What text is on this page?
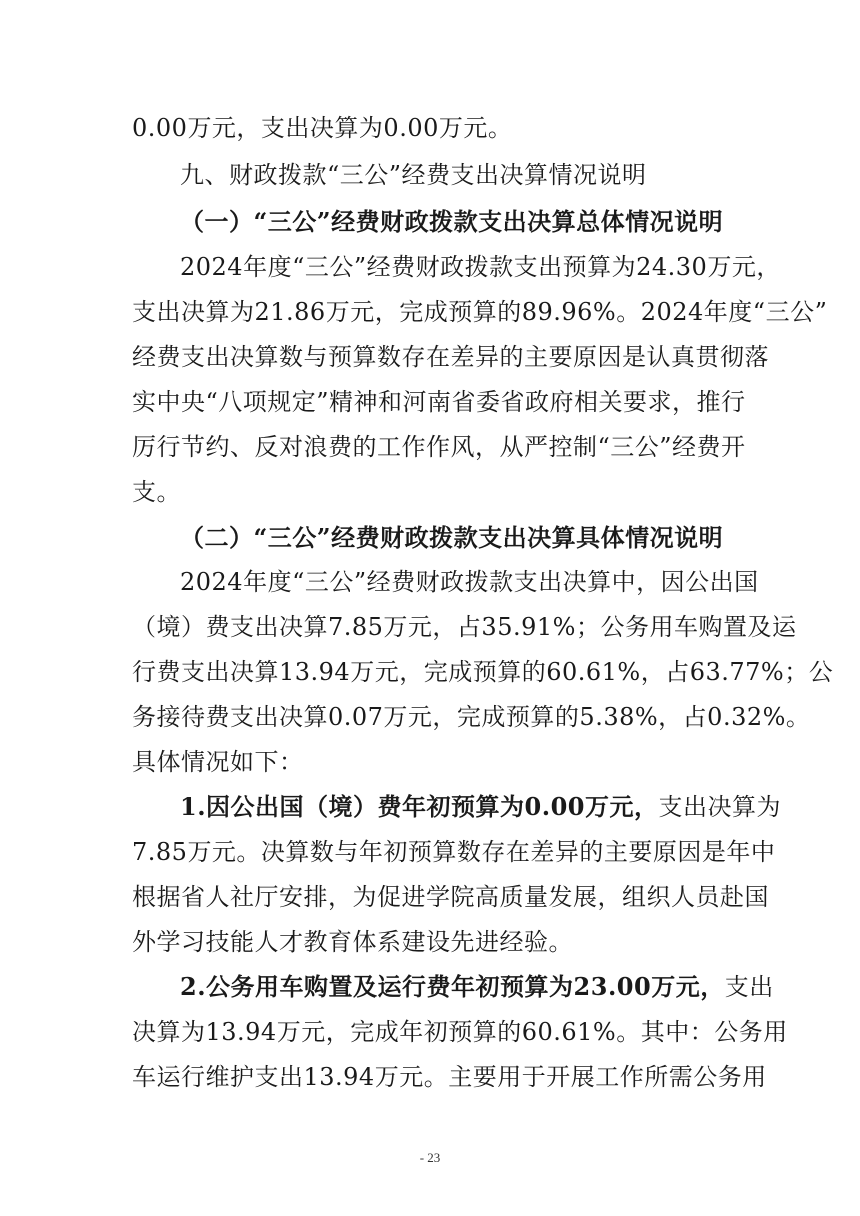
0.00万元，支出决算为0.00万元。
九、财政拨款“三公”经费支出决算情况说明
（一）“三公”经费财政拨款支出决算总体情况说明
2024年度“三公”经费财政拨款支出预算为24.30万元，
支出决算为21.86万元，完成预算的89.96%。2024年度“三公”
经费支出决算数与预算数存在差异的主要原因是认真贯彻落
实中央“八项规定”精神和河南省委省政府相关要求，推行
厉行节约、反对浪费的工作作风，从严控制“三公”经费开
支。
（二）“三公”经费财政拨款支出决算具体情况说明
2024年度“三公”经费财政拨款支出决算中，因公出国
（境）费支出决算7.85万元，占35.91%；公务用车购置及运
行费支出决算13.94万元，完成预算的60.61%，占63.77%；公
务接待费支出决算0.07万元，完成预算的5.38%，占0.32%。
具体情况如下：
1.因公出国（境）费年初预算为0.00万元，支出决算为
7.85万元。决算数与年初预算数存在差异的主要原因是年中
根据省人社厅安排，为促进学院高质量发展，组织人员赴国
外学习技能人才教育体系建设先进经验。
2.公务用车购置及运行费年初预算为23.00万元，支出
决算为13.94万元，完成年初预算的60.61%。其中：公务用
车运行维护支出13.94万元。主要用于开展工作所需公务用
- 23
